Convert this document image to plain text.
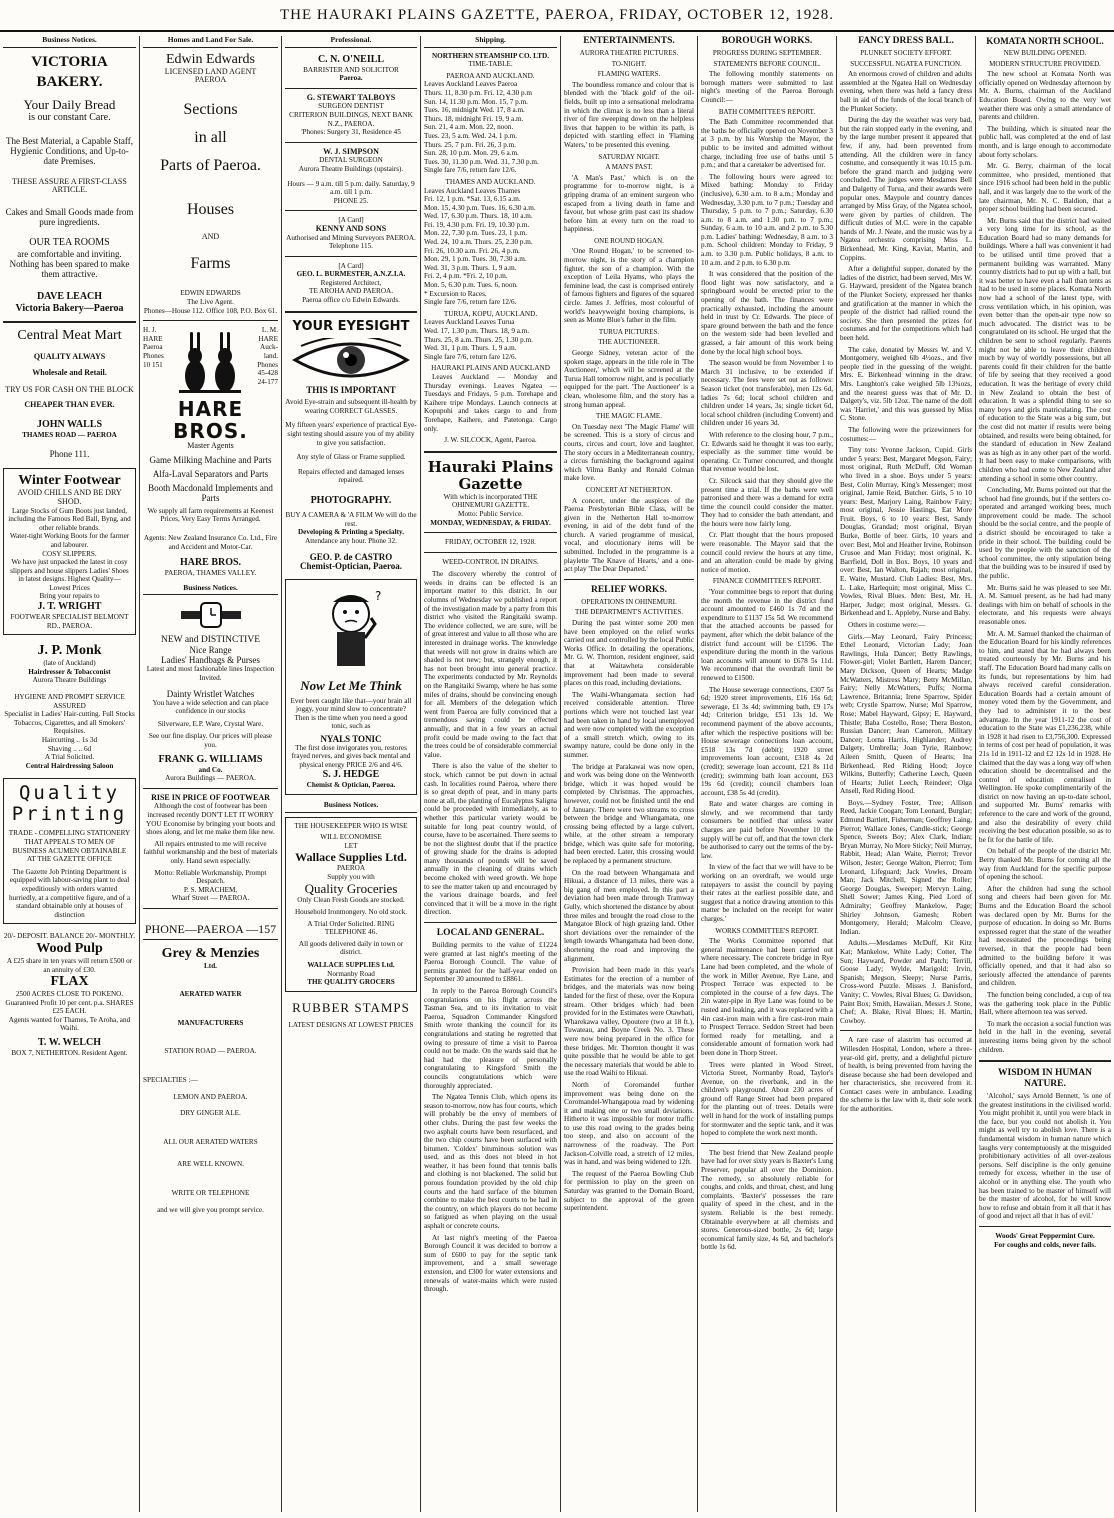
THE HAURAKI PLAINS GAZETTE, PAEROA, FRIDAY, OCTOBER 12, 1928.
Business Notices.
VICTORIA BAKERY.
Your Daily Bread
is our constant Care.
The Best Material, a Capable Staff, Hygienic Conditions, and Up-to-date Premises.
THESE ASSURE A FIRST-CLASS ARTICLE.
Cakes and Small Goods made from pure ingredients.
OUR TEA ROOMS
are comfortable and inviting. Nothing has been spared to make them attractive.
DAVE LEACH
Victoria Bakery—Paeroa
Central Meat Mart
QUALITY ALWAYS
Wholesale and Retail.
TRY US FOR CASH ON THE BLOCK
CHEAPER THAN EVER.
JOHN WALLS
THAMES ROAD — PAEROA
Phone 111.
Winter Footwear
AVOID CHILLS AND BE DRY SHOD.
Large Stocks of Gum Boots just landed, including the Famous Red Ball, Byng, and other reliable brands.
Water-tight Working Boots for the farmer and labourer.
COSY SLIPPERS.
We have just unpacked the latest in cosy slippers and house slippers Ladies' Shoes in latest designs. Highest Quality—Lowest Prices
Bring your repairs to
J. T. WRIGHT
FOOTWEAR SPECIALIST BELMONT RD., PAEROA.
J. P. Monk
(late of Auckland)
Hairdresser & Tobacconist
Aurora Theatre Buildings
HYGIENE AND PROMPT SERVICE ASSURED
Specialist in Ladies' Hair-cutting. Full Stocks Tobaccos, Cigarettes, and all Smokers' Requisites.
Haircutting .. 1s 3d
Shaving .. .. 6d
A Trial Solicited.
Central Hairdressing Saloon
Quality
Printing
TRADE - COMPELLING STATIONERY THAT APPEALS TO MEN OF BUSINESS ACUMEN OBTAINABLE AT THE GAZETTE OFFICE
The Gazette Job Printing Department is equipped with labour-saving plant to deal expeditiously with orders wanted hurriedly, at a competitive figure, and of a standard obtainable only at houses of distinction
20/- DEPOSIT. BALANCE 20/- MONTHLY.
Wood Pulp
A £25 share in ten years will return £500 or an annuity of £30.
FLAX
2500 ACRES CLOSE TO POKENO.
Guaranteed Profit 10 per cent. p.a. SHARES £25 EACH.
Agents wanted for Thames, Te Aroha, and Waihi.
T. W. WELCH
BOX 7, NETHERTON. Resident Agent.
Homes and Land For Sale.
Edwin Edwards
LICENSED LAND AGENT
PAEROA
Sections
in all
Parts of Paeroa.
Houses
AND
Farms
EDWIN EDWARDS
The Live Agent.
Phones—House 112. Office 108, P.O. Box 61.
H. J. HARE Paeroa Phones 10 151
L. M. HARE Auck-land. Phones 45-428 24-177
HARE BROS.
Master Agents
Game Milking Machine and Parts
Alfa-Laval Separators and Parts
Booth Macdonald Implements and Parts
We supply all farm requirements at Keenest Prices, Very Easy Terms Arranged.
Agents: New Zealand Insurance Co. Ltd., Fire and Accident and Motor-Car.
HARE BROS.
PAEROA, THAMES VALLEY.
Business Notices.
NEW and DISTINCTIVE
Nice Range
Ladies' Handbags & Purses
Latest and most fashionable lines Inspection Invited.
Dainty Wristlet Watches
You have a wide selection and can place confidence in our stocks
Silverware, E.P. Ware, Crystal Ware.
See our fine display. Our prices will please you.
FRANK G. WILLIAMS
and Co.
Aurora Buildings — PAEROA.
RISE IN PRICE OF FOOTWEAR
Although the cost of footwear has been increased recently DON'T LET IT WORRY YOU Economise by bringing your boots and shoes along, and let me make them like new.
All repairs entrusted to me will receive faithful workmanship and the best of materials only. Hand sewn especially.
Motto: Reliable Workmanship, Prompt Despatch.
P. S. MRACHEM,
Wharf Street — PAEROA.
PHONE—PAEROA —157
Grey & Menzies
Ltd.
AERATED WATER
MANUFACTURERS
STATION ROAD — PAEROA.
SPECIALTIES :—
LEMON AND PAEROA.
DRY GINGER ALE.
ALL OUR AERATED WATERS
ARE WELL KNOWN.
WRITE OR TELEPHONE
and we will give you prompt service.
Professional.
C. N. O'NEILL
BARRISTER AND SOLICITOR
Paeroa.
G. STEWART TALBOYS
SURGEON DENTIST
CRITERION BUILDINGS, NEXT BANK N.Z., PAEROA.
'Phones: Surgery 31, Residence 45
W. J. SIMPSON
DENTAL SURGEON
Aurora Theatre Buildings (upstairs).
Hours — 9 a.m. till 5 p.m. daily. Saturday, 9 a.m. till 1 p.m.
PHONE 25.
[A Card]
KENNY AND SONS
Authorised and Mining Surveyors PAEROA.
Telephone 115.
[A Card]
GEO. L. BURMESTER, A.N.Z.I.A.
Registered Architect,
TE AROHA AND PAEROA.
Paeroa office c/o Edwin Edwards.
YOUR EYESIGHT
THIS IS IMPORTANT
Avoid Eye-strain and subsequent ill-health by wearing CORRECT GLASSES.
My fifteen years' experience of practical Eye-sight testing should assure you of my ability to give you satisfaction.
Any style of Glass or Frame supplied.
Repairs effected and damaged lenses repaired.
PHOTOGRAPHY.
BUY A CAMERA & 'A FILM We will do the rest.
Developing & Printing a Specialty.
Attendance any hour. Phone 32.
GEO. P. de CASTRO
Chemist-Optician, Paeroa.
?
Now Let Me Think
Ever been caught like that—your brain all joggy, your mind slow to concentrate? Then is the time when you need a good tonic, such as
NYALS TONIC
The first dose invigorates you, restores frayed nerves, and gives back mental and physical energy PRICE 2/6 and 4/6.
S. J. HEDGE
Chemist & Optician, Paeroa.
Business Notices.
THE HOUSEKEEPER WHO IS WISE
WILL ECONOMISE
LET
Wallace Supplies Ltd.
PAEROA
Supply you with
Quality Groceries
Only Clean Fresh Goods are stocked.
Household Ironmongery. No old stock.
A Trial Order Solicited. RING TELEPHONE 46.
All goods delivered daily in town or district.
WALLACE SUPPLIES Ltd.
Normanby Road
THE QUALITY GROCERS
RUBBER STAMPS
LATEST DESIGNS AT LOWEST PRICES
Shipping.
NORTHERN STEAMSHIP CO. LTD.
TIME-TABLE.
PAEROA AND AUCKLAND.
Leaves Auckland Leaves Paeroa
Thurs. 11, 8.30 p.m. Fri. 12, 4.30 p.m
Sun. 14, 11.30 p.m. Mon. 15, 7 p.m.
Tues. 16, midnight Wed. 17, 8 a.m.
Thurs. 18, midnight Fri. 19, 9 a.m.
Sun. 21, 4 a.m. Mon. 22, noon.
Tues. 23, 5 a.m. Wed. 24, 1 p.m.
Thurs. 25, 7 p.m. Fri. 26, 3 p.m.
Sun. 28, 10 p.m. Mon. 29, 6 a.m.
Tues. 30, 11.30 p.m. Wed. 31, 7.30 p.m.
Single fare 7/6, return fare 12/6.
THAMES AND AUCKLAND.
Leaves Auckland Leaves Thames
Fri. 12, 1 p.m. *Sat. 13, 6.15 a.m.
Mon. 15, 4.30 p.m. Tues. 16, 6.30 a.m.
Wed. 17, 6.30 p.m. Thurs. 18, 10 a.m.
Fri. 19, 4.30 p.m. Fri. 19, 10.30 p.m.
Mon. 22, 7.30 p.m. Tues. 23, 1 p.m.
Wed. 24, 10 a.m. Thurs. 25, 2.30 p.m.
Fri. 26, 10.30 a.m. Fri. 26, 4 p.m.
Mon. 29, 1 p.m. Tues. 30, 7.30 a.m.
Wed. 31, 3 p.m. Thurs. 1, 9 a.m.
Fri. 2, 4 p.m. *Fri. 2, 10 p.m.
Mon. 5, 6.30 p.m. Tues. 6, noon.
* Excursion to Races.
Single fare 7/6, return fare 12/6.
TURUA, KOPU, AUCKLAND.
Leaves Auckland Leaves Turua
Wed. 17, 1.30 p.m. Thurs. 18, 9 a.m.
Thurs. 25, 8 a.m. Thurs. 25, 1.30 p.m.
Wed. 31, 1 p.m. Thurs. 1, 9 a.m.
Single fare 7/6, return fare 12/6.
HAURAKI PLAINS AND AUCKLAND

Leaves Auckland — Monday and Thursday evenings. Leaves Ngatea — Tuesdays and Fridays, 5 p.m. Torehape and Kaihere tripe Mondays. Launch connects at Kopupohi and takes cargo to and from Torehape, Kaihere, and Patetonga. Cargo only.

J. W. SILCOCK, Agent, Paeroa.
Hauraki Plains Gazette
With which is incorporated THE OHINEMURI GAZETTE.
Motto: Public Service.
MONDAY, WEDNESDAY, & FRIDAY.
FRIDAY, OCTOBER 12, 1928.
WEED-CONTROL IN DRAINS.

The discovery whereby the control of weeds in drains can be effected is an important matter to this district. In our columns of Wednesday we published a report of the investigation made by a party from this district who visited the Rangitaiki swamp. The evidence collected, we are sure, will be of great interest and value to all those who are interested in drainage works. The knowledge that weeds will not grow in drains which are shaded is not new; but, strangely enough, it has not been brought into general practice. The experiments conducted by Mr. Reynolds on the Rangitaiki Swamp, where he has some miles of drains, should be convincing enough for all. Members of the delegation which went from Paeroa are fully convinced that a tremendous saving could be effected annually, and that in a few years an actual profit could be made owing to the fact that the trees could be of considerable commercial value.

There is also the value of the shelter to stock, which cannot be put down in actual cash. In localities round Paeroa, where there is so great depth of peat, and in many parts none at all, the planting of Eucalyptus Saligna could be proceeded with immediately, as to whether this particular variety would be suitable for long peat country would, of course, have to be ascertained. There seems to be not the slightest doubt that if the practice of growing shade for the drains is adopted many thousands of pounds will be saved annually in the cleaning of drains which become choked with weed growth. We hope to see the matter taken up and encouraged by the various drainage boards, and feel convinced that it will be a move in the right direction.

LOCAL AND GENERAL.

Building permits to the value of £1224 were granted at last night's meeting of the Paeroa Borough Council. The value of permits granted for the half-year ended on September 30 amounted to £8861.

In reply to the Paeroa Borough Council's congratulations on his flight across the Tasman Sea, and to its invitation to visit Paeroa, Squadron Commander Kingsford Smith wrote thanking the council for its congratulations and stating he regretted that owing to pressure of time a visit to Paeroa could not be made. On the wards said that he had had the pleasure of personally congratulating to Kingsford Smith the councils congratulations which were thoroughly appreciated.

The Ngatea Tennis Club, which opens its season to-morrow, now has four courts, which will probably be the envy of members of other clubs. During the past few weeks the two asphalt courts have been resurfaced, and the two chip courts have been surfaced with bitumen. 'Coldex' bituminous solution was used, and as this does not bleed in hot weather, it has been found that tennis balls and clothing is not blackened. The solid but porous foundation provided by the old chip courts and the hard surface of the bitumen combine to make the best courts to be had in the country, on which players do not become so fatigued as when playing on the usual asphalt or concrete courts.

At last night's meeting of the Paeroa Borough Council it was decided to borrow a sum of £600 to pay for the septic tank improvement, and a small sewerage extension, and £300 for water extensions and renewals of water-mains which were rusted through.

ENTERTAINMENTS.
AURORA THEATRE PICTURES.
TO-NIGHT.
FLAMING WATERS.

The boundless romance and colour that is blended with the 'black gold' of the oil-fields, built up into a sensational melodrama in which the climax is no less than a literal river of fire sweeping down on the helpless lives that happen to be within its path, is depicted with startling effect in 'Flaming Waters,' to be presented this evening.

SATURDAY NIGHT.
A MAN'S PAST.

'A Man's Past,' which is on the programme for to-morrow night, is a gripping drama of an eminent surgeon who escaped from a living death in fame and favour, but whose grim past cast its shadow before him at every turn on the road to happiness.

ONE ROUND HOGAN.

'One Round Hogan,' to be screened to-morrow night, is the story of a champion fighter, the son of a champion. With the exception of Leila Hyams, who plays the feminine lead, the cast is comprised entirely of famous fighters and figures of the squared circle. James J. Jeffries, most colourful of world's heavyweight boxing champions, is seen as Monte Blue's father in the film.

TURUA PICTURES.
THE AUCTIONEER.

George Sidney, veteran actor of the spoken stage, appears in the title role in 'The Auctioneer,' which will be screened at the Turua Hall tomorrow night, and is peculiarly equipped for the part. 'The Auctioneer' is a clean, wholesome film, and the story has a strong human appeal.

THE MAGIC FLAME.

On Tuesday next 'The Magic Flame' will be screened. This is a story of circus and courts, circus and court, love and laughter. The story occurs in a Mediterranean country, a circus furnishing the background against which Vilma Banky and Ronald Colman make love.

CONCERT AT NETHERTON.

A concert, under the auspices of the Paeroa Presbyterian Bible Class, will be given in the Netherton Hall to-morrow evening, in aid of the debt fund of the church. A varied programme of musical, vocal, and elocutionary items will be submitted. Included in the programme is a playlette 'The Knave of Hearts,' and a one-act play 'The Dear Departed.'

RELIEF WORKS.
OPERATIONS IN OHINEMURI.
THE DEPARTMENT'S ACTIVITIES.

During the past winter some 200 men have been employed on the relief works carried out and controlled by the local Public Works Office. In detailing the operations, Mr. G. W. Thornton, resident engineer, said that at Waitawheta considerable improvement had been made to several places on this road, including deviations.

The Waihi-Whangamata section had received considerable attention. Three portions which were not touched last year had been taken in hand by local unemployed and were now completed with the exception of a small stretch which, owing to its swampy nature, could be done only in the summer.

The bridge at Parakawai was now open, and work was being done on the Wentworth bridge, which it was hoped would be completed by Christmas. The approaches, however, could not be finished until the end of January. There were two streams to cross between the bridge and Whangamata, one crossing being effected by a large culvert, while, at the other stream a temporary bridge, which was quite safe for motoring, had been erected. Later, this crossing would be replaced by a permanent structure.

On the road between Whangamata and Hikuai, a distance of 13 miles, there was a big gang of men employed. In this part a deviation had been made through Tramway Gully, which shortened the distance by about three miles and brought the road close to the Mangatoe Block of high grazing land. Other short deviations over the remainder of the length towards Whangamata had been done, shortening the road and improving the alignment.

Provision had been made in this year's Estimates for the erection of a number of bridges, and the materials was now being landed for the first of these, over the Kopura stream. Other bridges which had been provided for in the Estimates were Otawhati, Wharekawa valley, Opoutere (two at 18 ft.), Tuwateau, and Boyne Creek No. 3. These were now being prepared in the office for these bridges. Mr. Thornton thought it was quite possible that he would be able to get the necessary materials that would be able to use the road Waihi to Hikuai.

North of Coromandel further improvement was being done on the Coromandel-Whangapoua road by widening it and making one or two small deviations. Hitherto it was impossible for motor traffic to use this road owing to the grades being too steep, and also on account of the narrowness of the roadway. The Port Jackson-Colville road, a stretch of 12 miles, was in hand, and was being widened to 12ft.

The request of the Paeroa Bowling Club for permission to play on the green on Saturday was granted to the Domain Board, subject to the approval of the green superintendent.

BOROUGH WORKS.
PROGRESS DURING SEPTEMBER.
STATEMENTS BEFORE COUNCIL.

The following monthly statements on borough matters were submitted to last night's meeting of the Paeroa Borough Council:—

BATH COMMITTEE'S REPORT.

The Bath Committee recommended that the baths be officially opened on November 3 at 3 p.m. by his Worship the Mayor, the public to be invited and admitted without charge, including free use of baths until 5 p.m.; and that a caretaker be advertised for.

The following hours were agreed to: Mixed bathing: Monday to Friday (inclusive), 6.30 a.m. to 8 a.m.; Monday and Wednesday, 3.30 p.m. to 7 p.m.; Tuesday and Thursday, 5 p.m. to 7 p.m.; Saturday, 6.30 a.m. to 8 a.m. and 1.30 p.m. to 7 p.m.; Sunday, 6 a.m. to 10 a.m. and 2 p.m. to 5.30 p.m. Ladies' bathing: Wednesday, 8 a.m. to 3 p.m. School children: Monday to Friday, 9 a.m. to 3.30 p.m. Public holidays, 8 a.m. to 10 a.m. and 2 p.m. to 6.30 p.m.

It was considered that the position of the flood light was now satisfactory, and a springboard would be erected prior to the opening of the bath. The finances were practically exhausted, including the amount held in trust by Cr. Edwards. The piece of spare ground between the bath and the fence on the western side had been levelled and grassed, a fair amount of this work being done by the local high school boys.

The season would be from November 1 to March 31 inclusive, to be extended if necessary. The fees were set out as follows: Season ticket (not transferable), men 12s 6d, ladies 7s 6d; local school children and children under 14 years, 3s; single ticket 6d, local school children (including Convent) and children under 16 years 3d.

With reference to the closing hour, 7 p.m., Cr. Edwards said he thought it was too early, especially as the summer time would be operating. Cr. Turner concurred, and thought that revenue would be lost.

Cr. Silcock said that they should give the present time a trial. If the baths were well patronised and there was a demand for extra time the council could consider the matter. They had to consider the bath attendant, and the hours were now fairly long.

Cr. Platt thought that the hours proposed were reasonable. The Mayor said that the council could review the hours at any time, and an alteration could be made by giving notice of motion.

FINANCE COMMITTEE'S REPORT.

'Your committee begs to report that during the month the revenue in the district fund account amounted to £460 1s 7d and the expenditure to £1137 15s 5d. We recommend that the attached accounts be passed for payment, after which the debit balance of the district fund account will be £1596. The expenditure during the month in the various loan accounts will amount to £678 5s 11d. We recommend that the overdraft limit be renewed to £1500.

The House sewerage connections, £307 5s 6d; 1920 street improvements, £16 16s 6d; sewerage, £1 3s 4d; swimming bath, £9 17s 4d; Criterion bridge, £51 13s 1d. We recommend payment of the above accounts, after which the respective positions will be: House sewerage connections loan account, £518 13s 7d (debit); 1920 street improvements loan account, £318 4s 2d (credit); sewerage loan account, £21 8s 11d (credit); swimming bath loan account, £63 19s 6d (credit); council chambers loan account, £38 5s 4d (credit).

Rate and water charges are coming in slowly, and we recommend that tardy consumers be notified that unless water charges are paid before November 10 the supply will be cut off, and that the town clerk be authorised to carry out the terms of the by-law.

In view of the fact that we will have to be working on an overdraft, we would urge ratepayers to assist the council by paying their rates at the earliest possible date, and suggest that a notice drawing attention to this matter be included on the receipt for water charges.'

WORKS COMMITTEE'S REPORT.

The Works Committee reported that general maintenance had been carried out where necessary. The concrete bridge in Rye Lane had been completed, and the whole of the work in Miller Avenue, Rye Lane, and Prospect Terrace was expected to be completed in the course of a few days. The 2in water-pipe in Rye Lane was found to be rusted and leaking, and it was replaced with a 4in cast-iron main with a fire cast-iron main to Prospect Terrace. Seddon Street had been formed ready for metalling, and a considerable amount of formation work had been done in Thorp Street.

Trees were planted in Wood Street, Victoria Street, Normanby Road, Taylor's Avenue, on the riverbank, and in the children's playground. About 230 acres of ground off Range Street had been prepared for the planting out of trees. Details were well in hand for the work of installing pumps for stormwater and the septic tank, and it was hoped to complete the work next month.

The best friend that New Zealand people have had for over sixty years is Baxter's Lung Preserver, popular all over the Dominion. The remedy, so absolutely reliable for coughs, and colds, and throat, chest, and lung complaints. 'Baxter's' possesses the rare quality of speed in the chest, and in the system. Reliable is the best remedy. Obtainable everywhere at all chemists and stores. Generous-sized bottle, 2s 6d; large economical family size, 4s 6d, and bachelor's bottle 1s 6d.

FANCY DRESS BALL.
PLUNKET SOCIETY EFFORT.
SUCCESSFUL NGATEA FUNCTION.

An enormous crowd of children and adults assembled at the Ngatea Hall on Wednesday evening, when there was held a fancy dress ball in aid of the funds of the local branch of the Plunket Society.

During the day the weather was very bad, but the rain stopped early in the evening, and by the large number present it appeared that few, if any, had been prevented from attending. All the children were in fancy costume, and consequently it was 10.15 p.m. before the grand march and judging were concluded. The judges were Mesdames Bell and Dalgetty of Turua, and their awards were popular ones. Maypole and country dances arranged by Miss Gray, of the Ngatea school, were given by parties of children. The difficult duties of M.C. were in the capable hands of Mr. J. Neate, and the music was by a Ngatea orchestra comprising Miss L. Birkenhead, Mr. King, Kaviat, Martin, and Coppins.

After a delightful supper, donated by the ladies of the district, had been served, Mrs W. G. Hayward, president of the Ngatea branch of the Plunket Society, expressed her thanks and gratification at the manner in which the people of the district had rallied round the society. She then presented the prizes for costumes and for the competitions which had been held.

The cake, donated by Messrs W. and V. Montgomery, weighed 6lb 4½ozs., and five people tied in the guessing of the weight. Mrs. E. Birkenhead winning in the draw. Mrs. Laughton's cake weighed 5lb 13¾ozs, and the nearest guess was that of Mr. D. Dalgety's, viz. 5lb 12oz. The name of the doll was 'Harriet,' and this was guessed by Miss C. Stone.

The following were the prizewinners for costumes:—

Tiny tots: Yvonne Jackson, Cupid. Girls under 5 years: Best, Margaret Megson, Fairy; most original, Ruth McDuff, Old Woman who lived in a shoe. Boys under 5 years: Best, Colin Murray, King's Messenger; most original, Jamie Reid, Butcher. Girls, 5 to 10 years: Best, Marjory Laing, Rainbow Fairy; most original, Jessie Hastings, Eat More Fruit. Boys, 6 to 10 years: Best, Sandy Douglas, Grandad; most original, Bryan Burke, Bottle of beer. Girls, 10 years and over: Best, Mol and Heather Irvine, Robinson Crusoe and Man Friday; most original, K. Barrfield, Doll in Box. Boys, 10 years and over: Best, Ian Walton, Rajah; most original, E. Waite, Mustard. Club Ladies: Best, Mrs. L. Lake, Harlequin; most original, Miss C. Vowles, Rival Blues. Men: Best, Mr. H. Harper, Judge; most original, Messrs. G. Birkenhead and L. Appleby, Nurse and Baby.

Others in costume were:—

Girls.—May Leonard, Fairy Princess; Ethel Leonard, Victorian Lady; Joan Rawlings, Hula Dancer; Betty Rawlings, Flower-girl; Violet Bartlett, Harem Dancer; Mary Dickson, Queen of Hearts; Madge McWatters, Mistress Mary; Betty McMillan, Fairy; Nelly McWatters, Puffs; Norma Lawrence, Britannia; Irene Sparrow, Spider web; Crystle Sparrow, Nurse; Mol Sparrow, Rose; Mabel Hayward, Gipsy; E. Hayward, Thistle; Baba Costello, Rose; Thera Boston, Russian Dancer; Jean Cameron, Military Dancer; Lorna Harris, Highlander; Audrey Dalgety, Umbrella; Joan Tyrie, Rainbow; Aileen Smith, Queen of Hearts; Ina Birkenhead, Red Riding Hood; Joyce Wilkins, Butterfly; Catherine Leech, Queen of Hearts; Juliet Leech, Reindeer; Olga Ansell, Red Riding Hood.

Boys.—Sydney Foster, Tree; Allison Reed, Jackie Coogan; Tom Leonard, Burglar; Edmund Bartlett, Fisherman; Geoffrey Laing, Pierrot; Wallace Jones, Candle-stick; George Spence, Sweets Boy; Alex Clark, Indian; Bryan Murray, No More Sticky; Neil Murray, Rabbit, Head; Alan Waite, Pierrot; Trevor Wilson, Jester; George Walton, Pierrot; Tom Leonard, Lifeguard; Jack Vowles, Dream Man; Jack Mitchell, Signed the Roller; George Douglas, Sweeper; Mervyn Laing, Shell Sower; James King, Pied Lord of Admiralty; Geoffrey Mankelow, Page; Shirley Johnson, Gamesh; Robert Montgomery, Herald; Malcolm Cleave, Indian.

Adults.—Mesdames McDuff, Kit Kitz Kat; Mankelow, White Lady; Cotter, The Sun; Hayward, Powder and Patch; Terrill, Goose Lady; Wylde, Marigold; Irvin, Spanish; Megson, Sleepy; Nurse Parris, Cross-word Puzzle. Misses J. Banisford, Vanity; C. Vowles, Rival Blues; G. Davidson, Paint Box; Smith, Hawaiian. Messrs J. Stone, Chef; A. Blake, Rival Blues; H. Martin, Cowboy.

A rare case of alastrim has occurred at Willesden Hospital, London, where a three-year-old girl, pretty, and a delightful picture of health, is being prevented from having the disease because she had been developed and her characteristics, she recovered from it. Contact cases were in ambulance. Leading the scheme is the law with it, their sole work for the authorities.

KOMATA NORTH SCHOOL.
NEW BUILDING OPENED.
MODERN STRUCTURE PROVIDED.

The new school at Komata North was officially opened on Wednesday afternoon by Mr. A. Burns, chairman of the Auckland Education Board. Owing to the very wet weather there was only a small attendance of parents and children.

The building, which is situated near the public hall, was completed at the end of last month, and is large enough to accommodate about forty scholars.

Mr. G. Berry, chairman of the local committee, who presided, mentioned that since 1916 school had been held in the public hall, and it was largely due to the work of the late chairman, Mr. N. C. Baldion, that a proper school building had been secured.

Mr. Burns said that the district had waited a very long time for its school, as the Education Board had so many demands for buildings. Where a hall was convenient it had to be utilised until time proved that a permanent building was warranted. Many country districts had to put up with a hall, but it was better to have even a hall than tents as had to be used in some places. Komata North now had a school of the latest type, with cross ventilation which, in his opinion, was even better than the open-air type now so much advocated. The district was to be congratulated on its school. He urged that the children be sent to school regularly. Parents might not be able to leave their children much by way of worldly possessions, but all parents could fit their children for the battle of life by seeing that they received a good education. It was the heritage of every child in New Zealand to obtain the best of education. It was a splendid thing to see so many boys and girls matriculating. The cost of education to the State was a big sum, but the cost did not matter if results were being obtained, and results were being obtained, for the standard of education in New Zealand was as high as in any other part of the world. It had been easy to make comparisons, with children who had come to New Zealand after attending a school in some other country.

Concluding, Mr. Burns pointed out that the school had fine grounds, but if the settlers co-operated and arranged working bees, much improvement could be made. The school should be the social centre, and the people of a district should be encouraged to take a pride in their school. The building could be used by the people with the sanction of the school committee, the only stipulation being that the building was to be insured if used by the public.

Mr. Burns said he was pleased to see Mr. A. M. Samuel present, as he had had many dealings with him on behalf of schools in the electorate, and his requests were always reasonable ones.

Mr. A. M. Samuel thanked the chairman of the Education Board for his kindly references to him, and stated that he had always been treated courteously by Mr. Burns and his staff. The Education Board had many calls on its funds, but representations by him had always received careful consideration. Education Boards had a certain amount of money voted them by the Government, and they had to administer it to the best advantage. In the year 1911-12 the cost of education to the State was £1,236,238, while in 1928 it had risen to £3,756,300. Expressed in terms of cost per head of population, it was 21s 1d in 1911-12 and £2 12s 1d in 1928. He claimed that the day was a long way off when education should be decentralised and the control of education centralised in Wellington. He spoke complimentarily of the district on now having an up-to-date school, and supported Mr. Burns' remarks with reference to the care and work of the ground, and also the desirability of every child receiving the best education possible, so as to be fit for the battle of life.

On behalf of the people of the district Mr. Berry thanked Mr. Burns for coming all the way from Auckland for the specific purpose of opening the school.

After the children had sung the school song and cheers had been given for Mr. Burns and the Education Board the school was declared open by Mr. Burns for the purpose of education. In doing so Mr. Burns expressed regret that the state of the weather had necessitated the proceedings being reversed, in that the people had been admitted to the building before it was officially opened, and that it had also so seriously affected the attendance of parents and children.

The function being concluded, a cup of tea was the gathering took place in the Public Hall, where afternoon tea was served.

To mark the occasion a social function was held in the hall in the evening, several interesting items being given by the school children.

WISDOM IN HUMAN NATURE.

'Alcohol,' says Arnold Bennett, 'is one of the greatest institutions in the civilised world. You might prohibit it, until you were black in the face, but you could not abolish it. You might as well try to abolish love. There is a fundamental wisdom in human nature which laughs very contemptuously at the misguided prohibitionary activities of all over-zealous persons. Self discipline is the only genuine remedy for excess, whether in the use of alcohol or in anything else. The youth who has been trained to be master of himself will be the master of alcohol, for he will know how to refuse and obtain from it all that it has of good and reject all that it has of evil.'

Woods' Great Peppermint Cure.
For coughs and colds, never fails.
